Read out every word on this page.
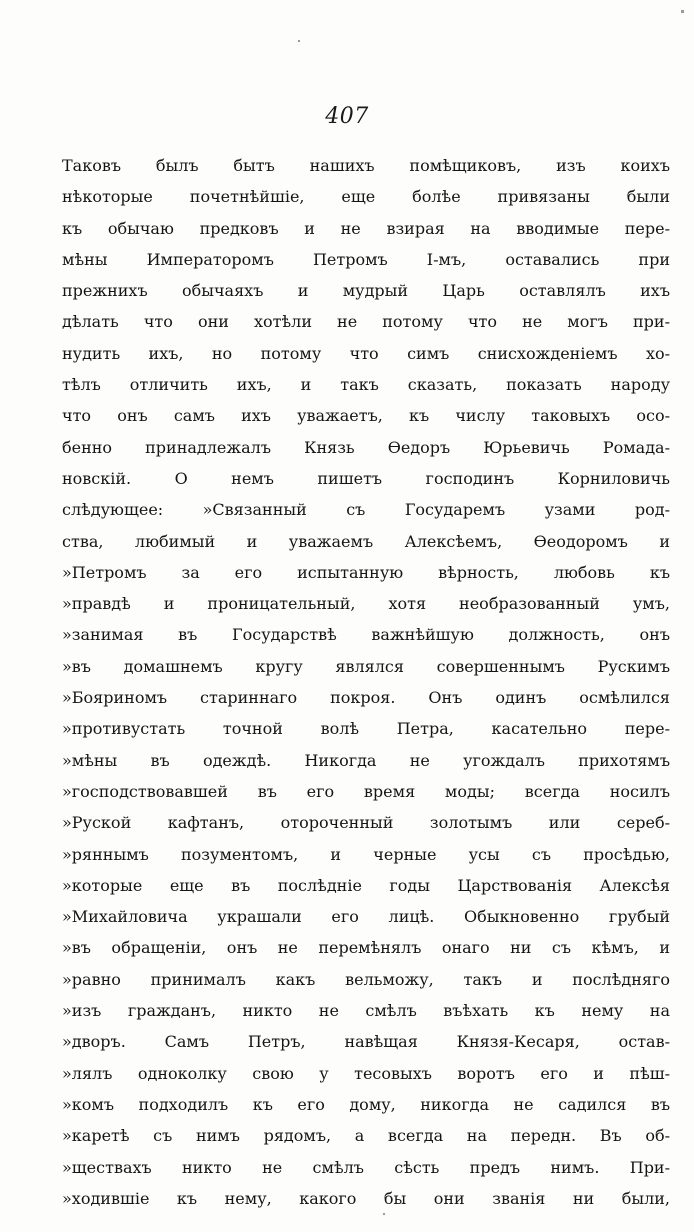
407
Таковъ былъ бытъ нашихъ помѣщиковъ, изъ коихъ
нѣкоторые почетнѣйшіе, еще болѣе привязаны были
къ обычаю предковъ и не взирая на вводимые пере-
мѣны Императоромъ Петромъ I-мъ, оставались при
прежнихъ обычаяхъ и мудрый Царь оставлялъ ихъ
дѣлать что они хотѣли не потому что не могъ при-
нудить ихъ, но потому что симъ снисхожденіемъ хо-
тѣлъ отличить ихъ, и такъ сказать, показать народу
что онъ самъ ихъ уважаетъ, къ числу таковыхъ осо-
бенно принадлежалъ Князь Ѳедоръ Юрьевичь Ромада-
новскій. О немъ пишетъ господинъ Корниловичь
слѣдующее: »Связанный съ Государемъ узами род-
ства, любимый и уважаемъ Алексѣемъ, Ѳеодоромъ и
»Петромъ за его испытанную вѣрность, любовь къ
»правдѣ и проницательный, хотя необразованный умъ,
»занимая въ Государствѣ важнѣйшую должность, онъ
»въ домашнемъ кругу являлся совершеннымъ Рускимъ
»Бояриномъ стариннаго покроя. Онъ одинъ осмѣлился
»противустать точной волѣ Петра, касательно пере-
»мѣны въ одеждѣ. Никогда не угождалъ прихотямъ
»господствовавшей въ его время моды; всегда носилъ
»Руской кафтанъ, отороченный золотымъ или сереб-
»ряннымъ позументомъ, и черные усы съ просѣдью,
»которые еще въ послѣдніе годы Царствованія Алексѣя
»Михайловича украшали его лицѣ. Обыкновенно грубый
»въ обращеніи, онъ не перемѣнялъ онаго ни съ кѣмъ, и
»равно принималъ какъ вельможу, такъ и послѣдняго
»изъ гражданъ, никто не смѣлъ въѣхать къ нему на
»дворъ. Самъ Петръ, навѣщая Князя-Кесаря, остав-
»лялъ одноколку свою у тесовыхъ воротъ его и пѣш-
»комъ подходилъ къ его дому, никогда не садился въ
»каретѣ съ нимъ рядомъ, а всегда на передн. Въ об-
»ществахъ никто не смѣлъ сѣсть предъ нимъ. При-
»ходившіе къ нему, какого бы они званія ни были,
